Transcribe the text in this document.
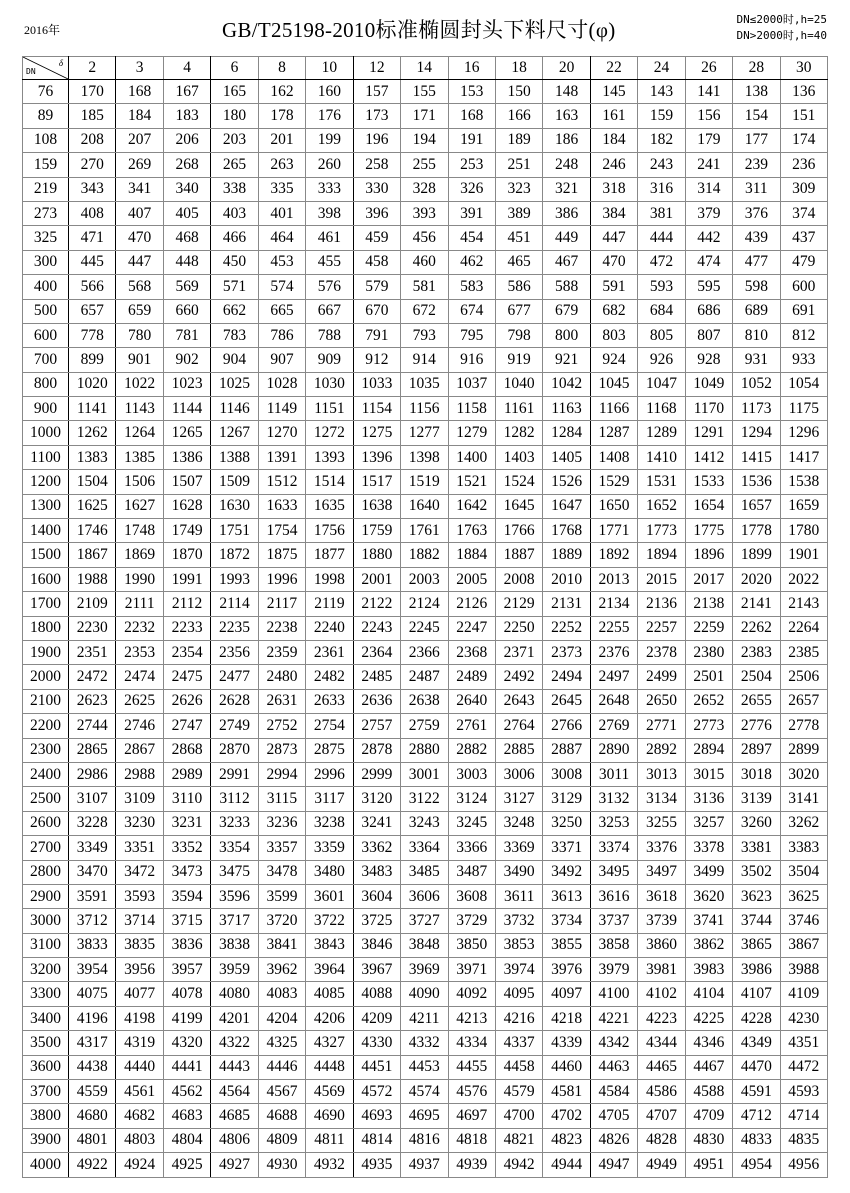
2016年	GB/T25198-2010标准椭圆封头下料尺寸(φ)	DN≤2000时,h=25
DN>2000时,h=40
DN
δ	2	3	4	6	8	10	12	14	16	18	20	22	24	26	28	30
76	170	168	167	165	162	160	157	155	153	150	148	145	143	141	138	136
89	185	184	183	180	178	176	173	171	168	166	163	161	159	156	154	151
108	208	207	206	203	201	199	196	194	191	189	186	184	182	179	177	174
159	270	269	268	265	263	260	258	255	253	251	248	246	243	241	239	236
219	343	341	340	338	335	333	330	328	326	323	321	318	316	314	311	309
273	408	407	405	403	401	398	396	393	391	389	386	384	381	379	376	374
325	471	470	468	466	464	461	459	456	454	451	449	447	444	442	439	437
300	445	447	448	450	453	455	458	460	462	465	467	470	472	474	477	479
400	566	568	569	571	574	576	579	581	583	586	588	591	593	595	598	600
500	657	659	660	662	665	667	670	672	674	677	679	682	684	686	689	691
600	778	780	781	783	786	788	791	793	795	798	800	803	805	807	810	812
700	899	901	902	904	907	909	912	914	916	919	921	924	926	928	931	933
800	1020	1022	1023	1025	1028	1030	1033	1035	1037	1040	1042	1045	1047	1049	1052	1054
900	1141	1143	1144	1146	1149	1151	1154	1156	1158	1161	1163	1166	1168	1170	1173	1175
1000	1262	1264	1265	1267	1270	1272	1275	1277	1279	1282	1284	1287	1289	1291	1294	1296
1100	1383	1385	1386	1388	1391	1393	1396	1398	1400	1403	1405	1408	1410	1412	1415	1417
1200	1504	1506	1507	1509	1512	1514	1517	1519	1521	1524	1526	1529	1531	1533	1536	1538
1300	1625	1627	1628	1630	1633	1635	1638	1640	1642	1645	1647	1650	1652	1654	1657	1659
1400	1746	1748	1749	1751	1754	1756	1759	1761	1763	1766	1768	1771	1773	1775	1778	1780
1500	1867	1869	1870	1872	1875	1877	1880	1882	1884	1887	1889	1892	1894	1896	1899	1901
1600	1988	1990	1991	1993	1996	1998	2001	2003	2005	2008	2010	2013	2015	2017	2020	2022
1700	2109	2111	2112	2114	2117	2119	2122	2124	2126	2129	2131	2134	2136	2138	2141	2143
1800	2230	2232	2233	2235	2238	2240	2243	2245	2247	2250	2252	2255	2257	2259	2262	2264
1900	2351	2353	2354	2356	2359	2361	2364	2366	2368	2371	2373	2376	2378	2380	2383	2385
2000	2472	2474	2475	2477	2480	2482	2485	2487	2489	2492	2494	2497	2499	2501	2504	2506
2100	2623	2625	2626	2628	2631	2633	2636	2638	2640	2643	2645	2648	2650	2652	2655	2657
2200	2744	2746	2747	2749	2752	2754	2757	2759	2761	2764	2766	2769	2771	2773	2776	2778
2300	2865	2867	2868	2870	2873	2875	2878	2880	2882	2885	2887	2890	2892	2894	2897	2899
2400	2986	2988	2989	2991	2994	2996	2999	3001	3003	3006	3008	3011	3013	3015	3018	3020
2500	3107	3109	3110	3112	3115	3117	3120	3122	3124	3127	3129	3132	3134	3136	3139	3141
2600	3228	3230	3231	3233	3236	3238	3241	3243	3245	3248	3250	3253	3255	3257	3260	3262
2700	3349	3351	3352	3354	3357	3359	3362	3364	3366	3369	3371	3374	3376	3378	3381	3383
2800	3470	3472	3473	3475	3478	3480	3483	3485	3487	3490	3492	3495	3497	3499	3502	3504
2900	3591	3593	3594	3596	3599	3601	3604	3606	3608	3611	3613	3616	3618	3620	3623	3625
3000	3712	3714	3715	3717	3720	3722	3725	3727	3729	3732	3734	3737	3739	3741	3744	3746
3100	3833	3835	3836	3838	3841	3843	3846	3848	3850	3853	3855	3858	3860	3862	3865	3867
3200	3954	3956	3957	3959	3962	3964	3967	3969	3971	3974	3976	3979	3981	3983	3986	3988
3300	4075	4077	4078	4080	4083	4085	4088	4090	4092	4095	4097	4100	4102	4104	4107	4109
3400	4196	4198	4199	4201	4204	4206	4209	4211	4213	4216	4218	4221	4223	4225	4228	4230
3500	4317	4319	4320	4322	4325	4327	4330	4332	4334	4337	4339	4342	4344	4346	4349	4351
3600	4438	4440	4441	4443	4446	4448	4451	4453	4455	4458	4460	4463	4465	4467	4470	4472
3700	4559	4561	4562	4564	4567	4569	4572	4574	4576	4579	4581	4584	4586	4588	4591	4593
3800	4680	4682	4683	4685	4688	4690	4693	4695	4697	4700	4702	4705	4707	4709	4712	4714
3900	4801	4803	4804	4806	4809	4811	4814	4816	4818	4821	4823	4826	4828	4830	4833	4835
4000	4922	4924	4925	4927	4930	4932	4935	4937	4939	4942	4944	4947	4949	4951	4954	4956
